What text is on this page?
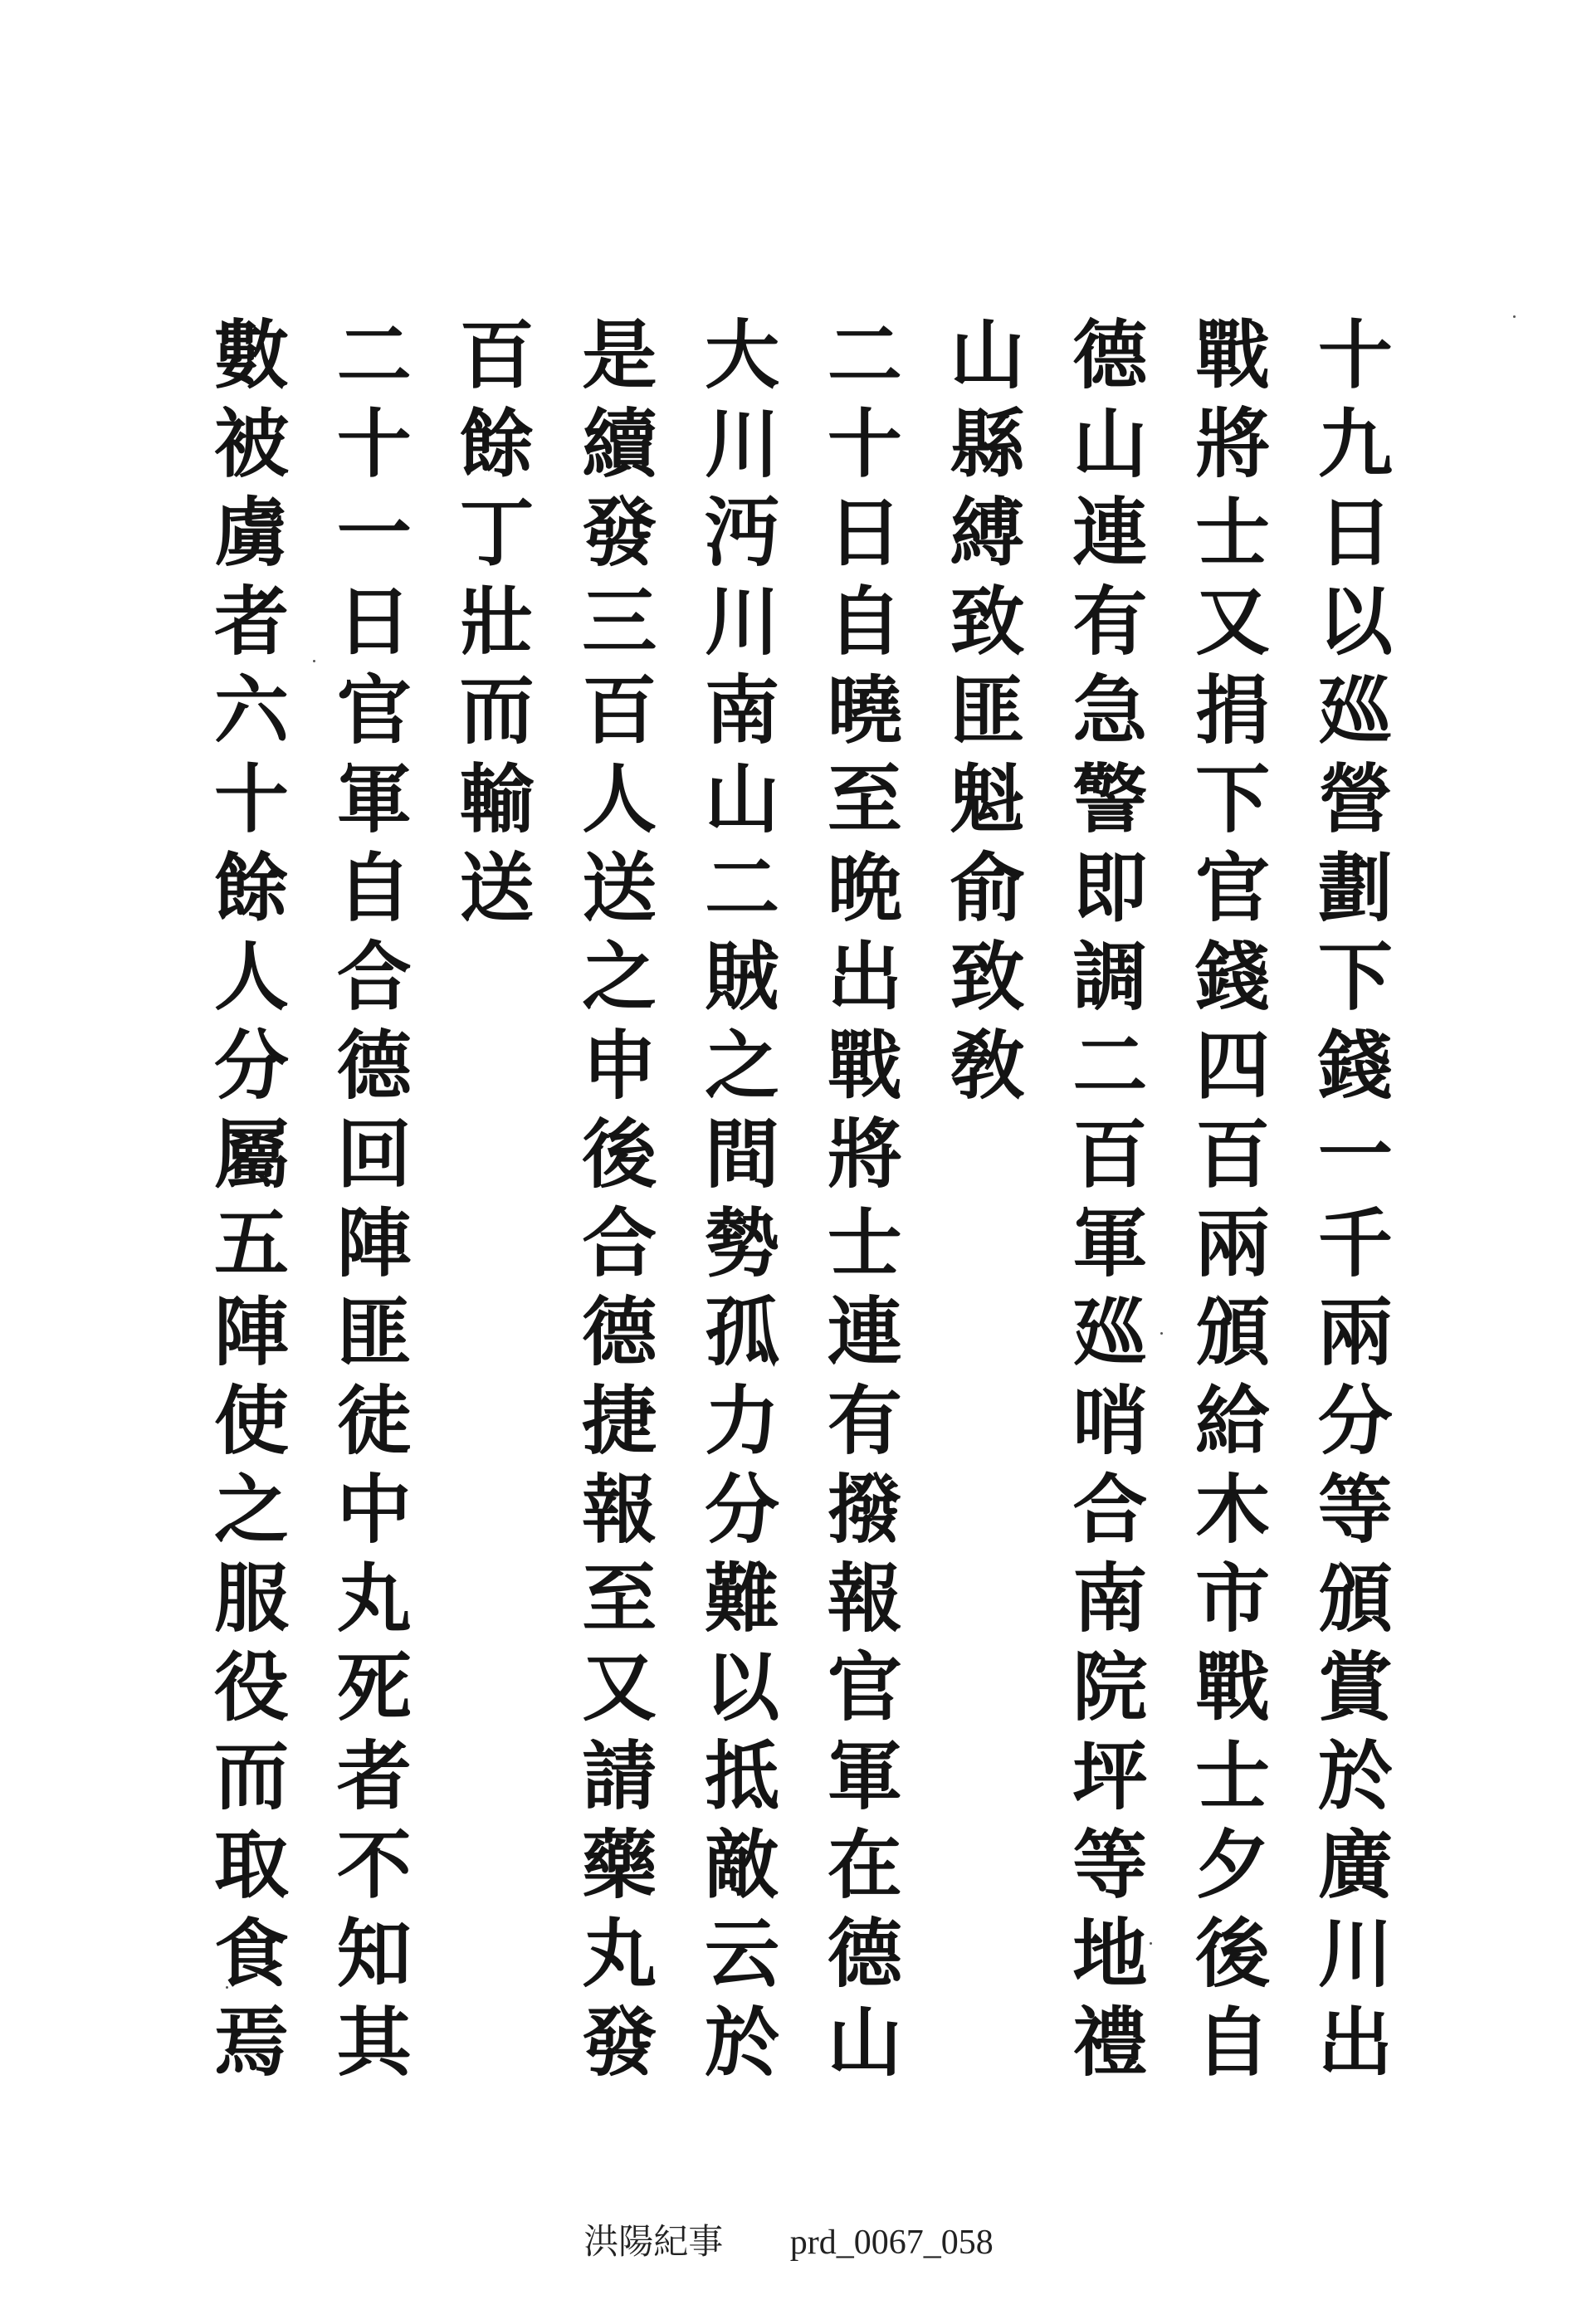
十九日以廵營劃下錢一千兩分等頒賞於廣川出
戰將士又捐下官錢四百兩頒給木市戰士夕後自
德山連有急警即調二百軍廵哨合南院坪等地禮
山縣縛致匪魁俞致敎
二十日自曉至晩出戰將士連有撥報官軍在德山
大川沔川南山二賊之間勢孤力分難以抵敵云於
是續發三百人送之申後合德捷報至又請藥丸發
百餘丁壯而輸送
二十一日官軍自合德回陣匪徒中丸死者不知其
數被虜者六十餘人分屬五陣使之服役而取食焉
洪陽紀事 prd_0067_058
